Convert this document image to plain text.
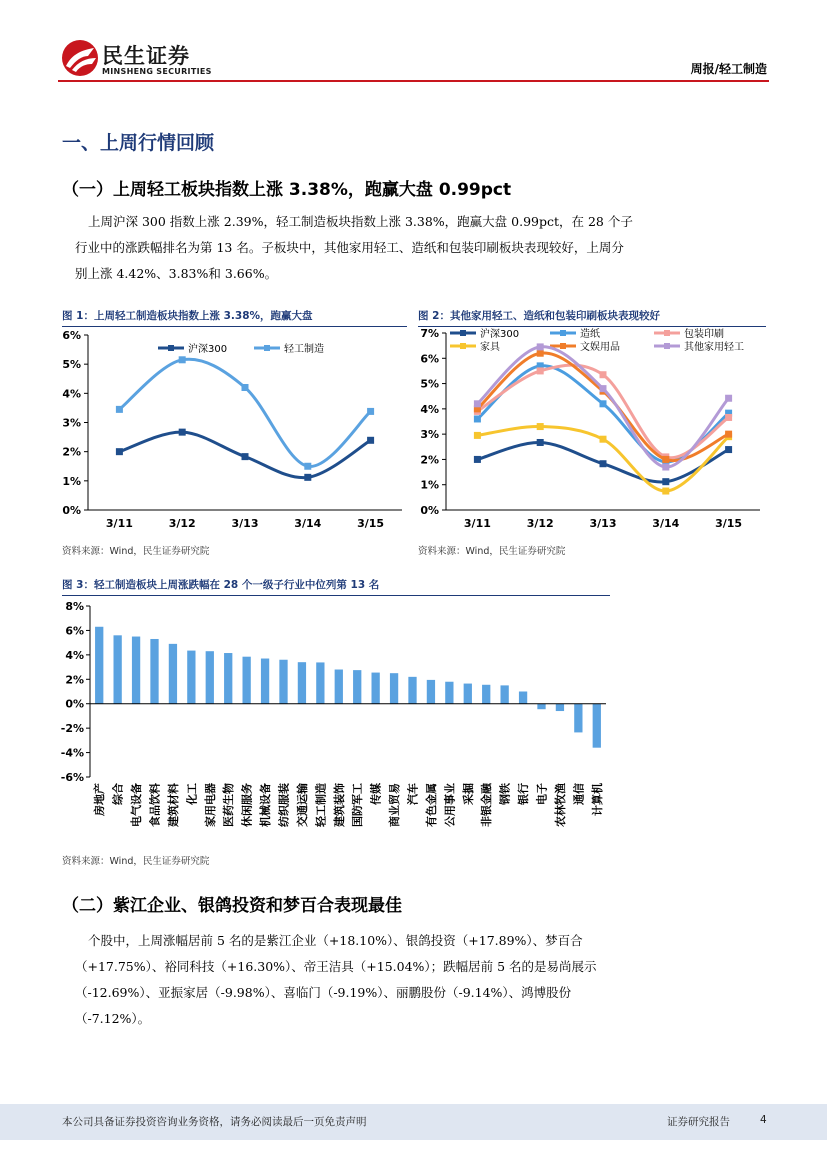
民生证券
MINSHENG SECURITIES	周报/轻工制造
一、上周行情回顾
（一）上周轻工板块指数上涨 3.38%，跑赢大盘 0.99pct

上周沪深 300 指数上涨 2.39%，轻工制造板块指数上涨 3.38%，跑赢大盘 0.99pct，在 28 个子行业中的涨跌幅排名为第 13 名。子板块中，其他家用轻工、造纸和包装印刷板块表现较好，上周分别上涨 4.42%、3.83%和 3.66%。

图 1：上周轻工制造板块指数上涨 3.38%，跑赢大盘
0%
1%
2%
3%
4%
5%
6%
3/11	3/12	3/13	3/14	3/15
沪深300	轻工制造
资料来源：Wind，民生证券研究院
图 2：其他家用轻工、造纸和包装印刷板块表现较好
0%
1%
2%
3%
4%
5%
6%
7%
3/11	3/12	3/13	3/14	3/15
沪深300	造纸	包装印刷
家具	文娱用品	其他家用轻工
资料来源：Wind，民生证券研究院
图 3：轻工制造板块上周涨跌幅在 28 个一级子行业中位列第 13 名
-6%
-4%
-2%
0%
2%
4%
6%
8%
房地产 综合 电气设备 食品饮料 建筑材料 化工 家用电器 医药生物 休闲服务 机械设备 纺织服装 交通运输 轻工制造 建筑装饰 国防军工 传媒 商业贸易 汽车 有色金属 公用事业 采掘 非银金融 钢铁 银行 电子 农林牧渔 通信 计算机
资料来源：Wind，民生证券研究院
（二）紫江企业、银鸽投资和梦百合表现最佳

个股中，上周涨幅居前 5 名的是紫江企业（+18.10%）、银鸽投资（+17.89%）、梦百合（+17.75%）、裕同科技（+16.30%）、帝王洁具（+15.04%）；跌幅居前 5 名的是易尚展示（-12.69%）、亚振家居（-9.98%）、喜临门（-9.19%）、丽鹏股份（-9.14%）、鸿博股份（-7.12%）。

本公司具备证券投资咨询业务资格，请务必阅读最后一页免责声明	证券研究报告	4
